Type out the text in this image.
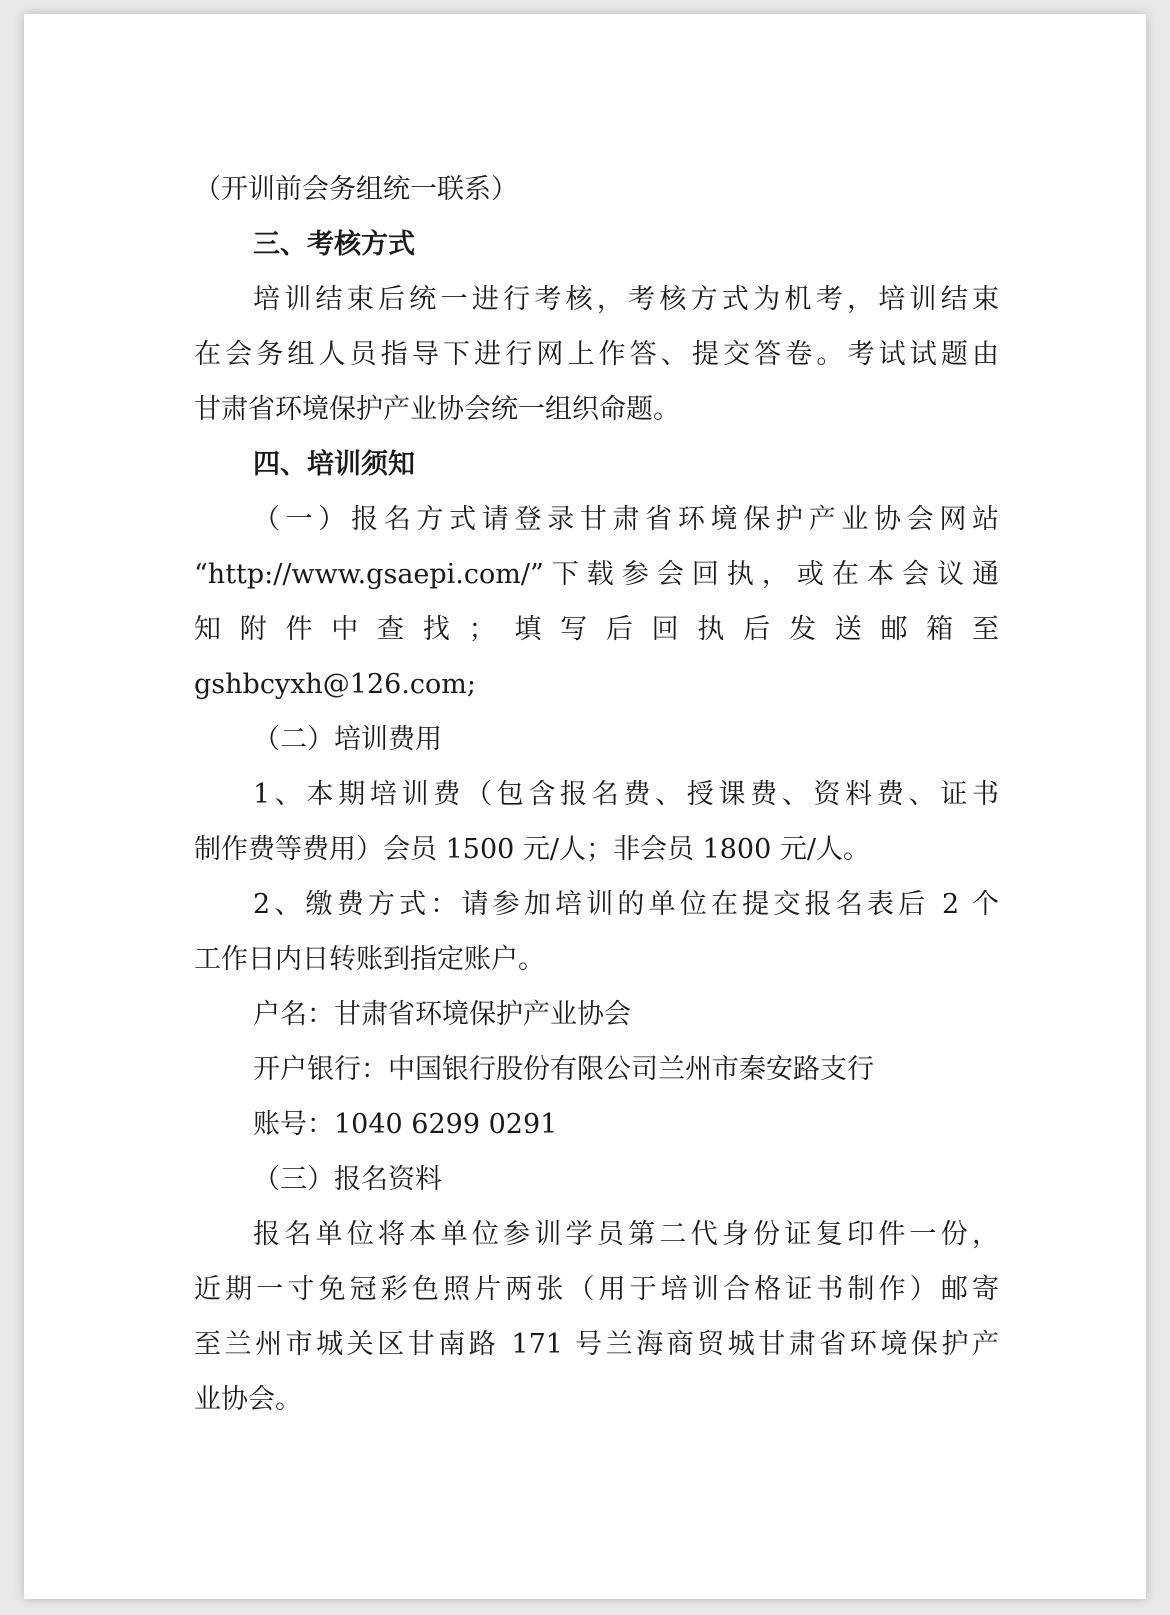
（开训前会务组统一联系）
三、考核方式
培训结束后统一进行考核，考核方式为机考，培训结束
在会务组人员指导下进行网上作答、提交答卷。考试试题由
甘肃省环境保护产业协会统一组织命题。
四、培训须知
（一）报名方式请登录甘肃省环境保护产业协会网站
“http://www.gsaepi.com/”下载参会回执，或在本会议通
知附件中查找；填写后回执后发送邮箱至
gshbcyxh@126.com;
（二）培训费用
1、本期培训费（包含报名费、授课费、资料费、证书
制作费等费用）会员 1500 元/人；非会员 1800 元/人。
2、缴费方式：请参加培训的单位在提交报名表后 2 个
工作日内日转账到指定账户。
户名：甘肃省环境保护产业协会
开户银行：中国银行股份有限公司兰州市秦安路支行
账号：1040 6299 0291
（三）报名资料
报名单位将本单位参训学员第二代身份证复印件一份，
近期一寸免冠彩色照片两张（用于培训合格证书制作）邮寄
至兰州市城关区甘南路 171 号兰海商贸城甘肃省环境保护产
业协会。
